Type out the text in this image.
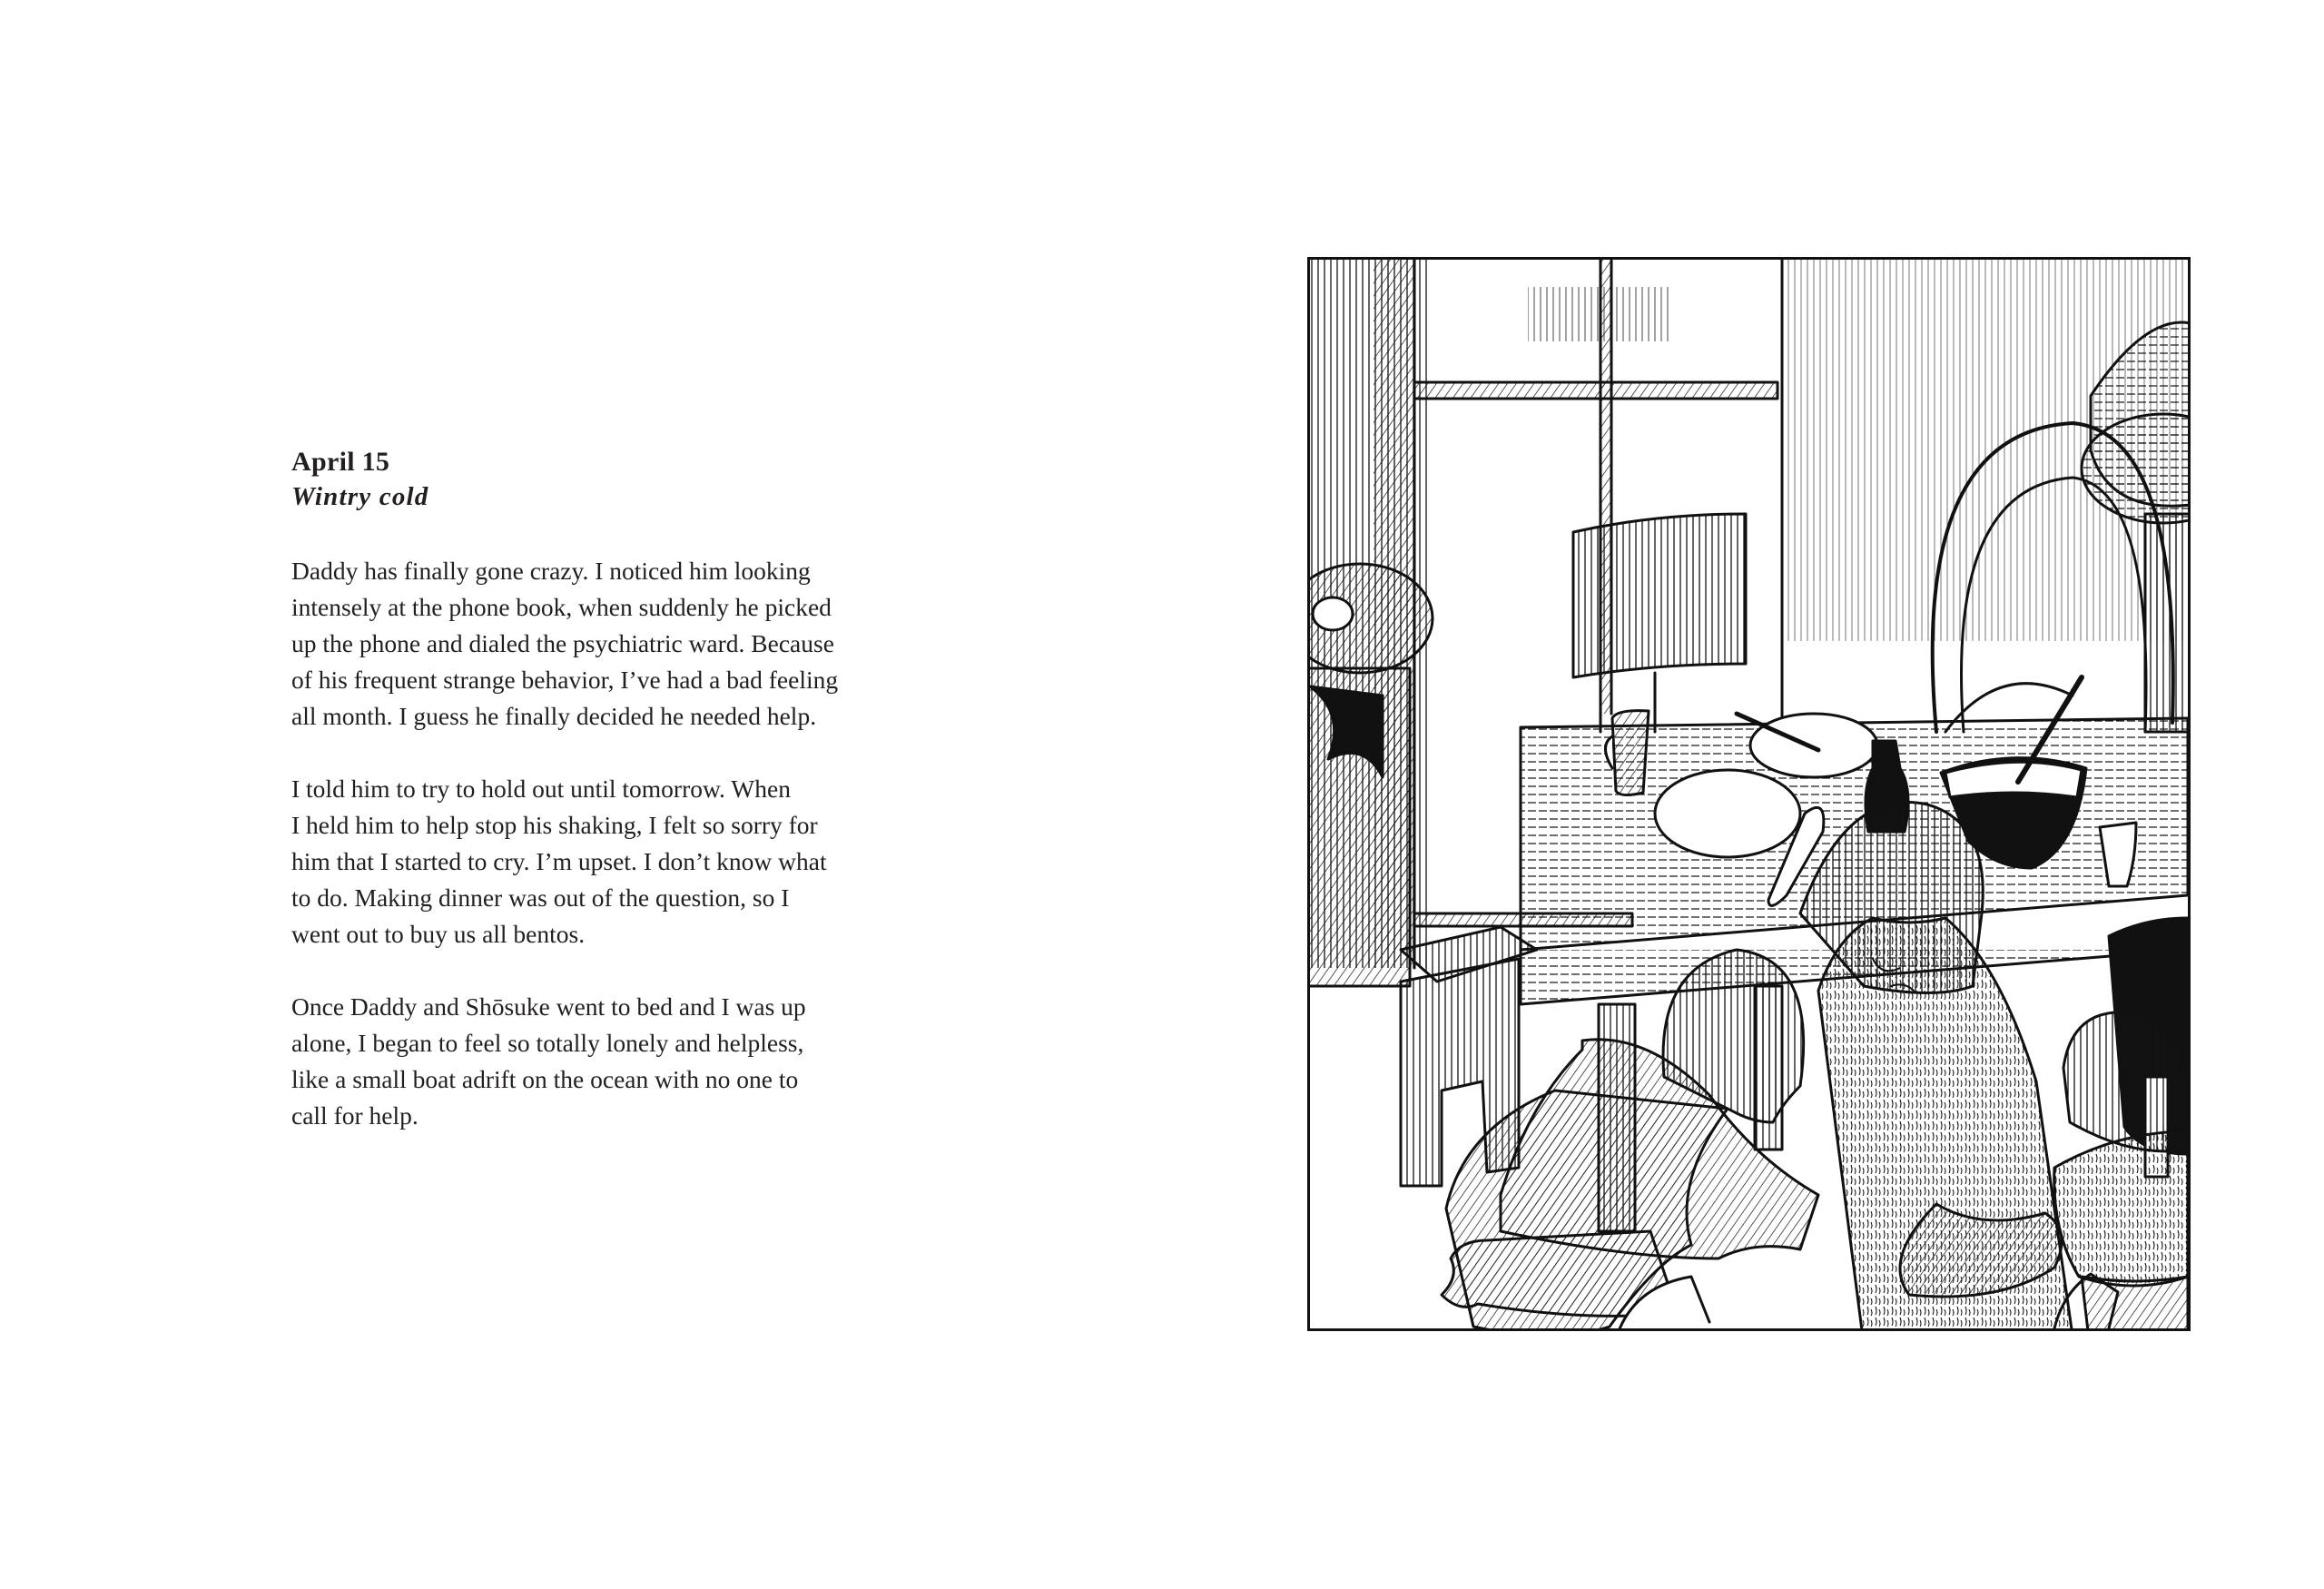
April 15
Wintry cold

Daddy has finally gone crazy. I noticed him looking
intensely at the phone book, when suddenly he picked
up the phone and dialed the psychiatric ward. Because
of his frequent strange behavior, I’ve had a bad feeling
all month. I guess he finally decided he needed help.

I told him to try to hold out until tomorrow. When
I held him to help stop his shaking, I felt so sorry for
him that I started to cry. I’m upset. I don’t know what
to do. Making dinner was out of the question, so I
went out to buy us all bentos.

Once Daddy and Shōsuke went to bed and I was up
alone, I began to feel so totally lonely and helpless,
like a small boat adrift on the ocean with no one to
call for help.
